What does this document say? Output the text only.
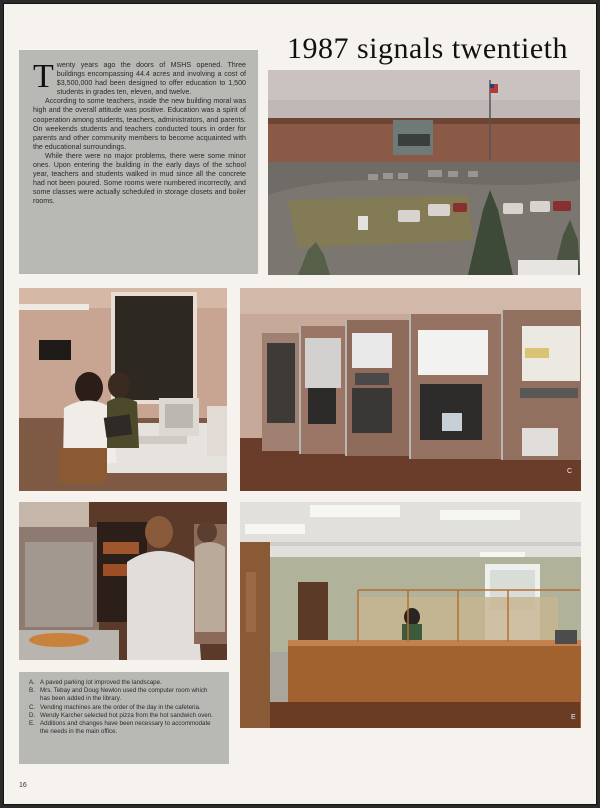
1987 signals twentieth

Twenty years ago the doors of MSHS opened. Three buildings encompassing 44.4 acres and involving a cost of $3,500,000 had been designed to offer education to 1,500 students in grades ten, eleven, and twelve.

According to some teachers, inside the new building moral was high and the overall attitude was positive. Education was a spirit of cooperation among students, teachers, administrators, and parents. On weekends students and teachers conducted tours in order for parents and other community members to become acquainted with the educational surroundings.

While there were no major problems, there were some minor ones. Upon entering the building in the early days of the school year, teachers and students walked in mud since all the concrete had not been poured. Some rooms were numbered incorrectly, and some classes were actually scheduled in storage closets and boiler rooms.

C
E
A. A paved parking lot improved the landscape.
B. Mrs. Tebay and Doug Newlon used the computer room which has been added in the library.
C. Vending machines are the order of the day in the cafeteria.
D. Wendy Karcher selected hot pizza from the hot sandwich oven.
E. Additions and changes have been necessary to accommodate the needs in the main office.
16
